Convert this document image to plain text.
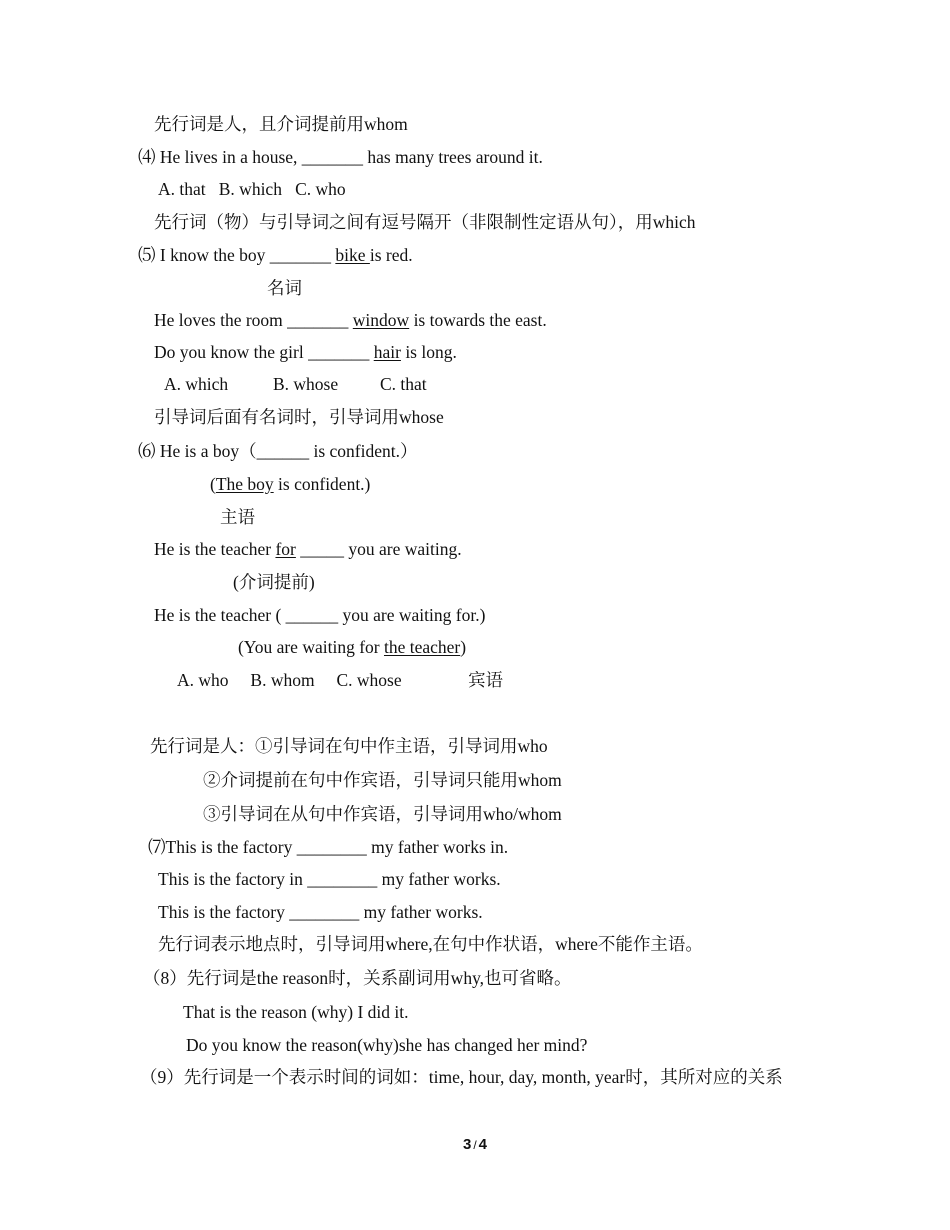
先行词是人，且介词提前用whom
⑷ He lives in a house, _______ has many trees around it.
A. that   B. which   C. who
先行词（物）与引导词之间有逗号隔开（非限制性定语从句），用which
⑸ I know the boy _______ bike is red.
名词
He loves the room _______ window is towards the east.
Do you know the girl _______ hair is long.
A. which	B. whose C. that
引导词后面有名词时，引导词用whose
⑹ He is a boy（______ is confident.）
(The boy is confident.)
主语
He is the teacher for _____ you are waiting.
(介词提前)
He is the teacher ( ______ you are waiting for.)
(You are waiting for the teacher)
A. who     B. whom     C. whose	宾语
先行词是人：①引导词在句中作主语，引导词用who
②介词提前在句中作宾语，引导词只能用whom
③引导词在从句中作宾语，引导词用who/whom
⑺This is the factory ________ my father works in.
This is the factory in ________ my father works.
This is the factory ________ my father works.
先行词表示地点时，引导词用where,在句中作状语，where不能作主语。
（8）先行词是the reason时，关系副词用why,也可省略。
That is the reason (why) I did it.
Do you know the reason(why)she has changed her mind?
（9）先行词是一个表示时间的词如：time, hour, day, month, year时，其所对应的关系
3 / 4
